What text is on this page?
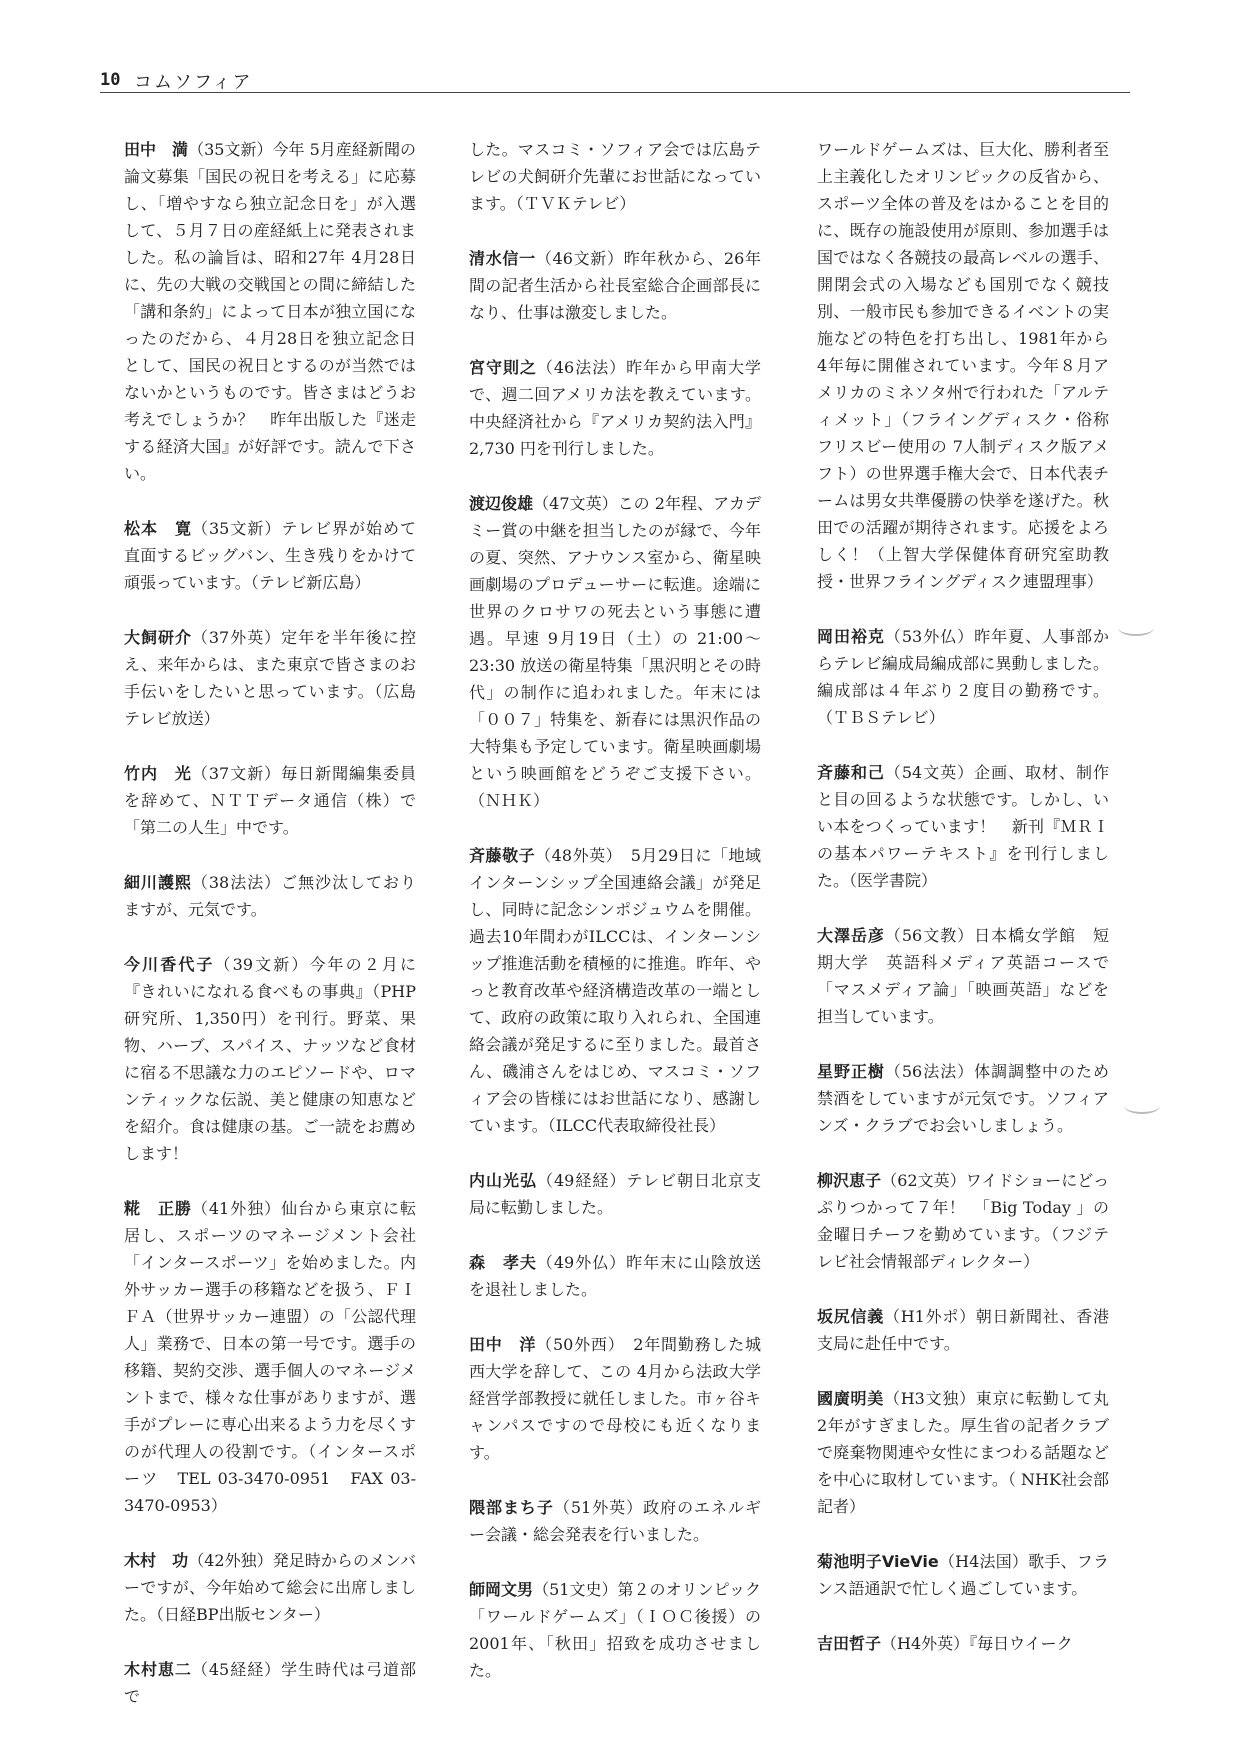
10 コムソフィア

田中　満（35文新）今年 5月産経新聞の論文募集「国民の祝日を考える」に応募し、「増やすなら独立記念日を」が入選して、５月７日の産経紙上に発表されました。私の論旨は、昭和27年 4月28日に、先の大戦の交戦国との間に締結した「講和条約」によって日本が独立国になったのだから、４月28日を独立記念日として、国民の祝日とするのが当然ではないかというものです。皆さまはどうお考えでしょうか？　昨年出版した『迷走する経済大国』が好評です。読んで下さい。

松本　寛（35文新）テレビ界が始めて直面するビッグバン、生き残りをかけて頑張っています。（テレビ新広島）

大飼研介（37外英）定年を半年後に控え、来年からは、また東京で皆さまのお手伝いをしたいと思っています。（広島テレビ放送）

竹内　光（37文新）毎日新聞編集委員を辞めて、ＮＴＴデータ通信（株）で「第二の人生」中です。

細川護熙（38法法）ご無沙汰しておりますが、元気です。

今川香代子（39文新）今年の２月に『きれいになれる食べもの事典』（PHP研究所、1,350円）を刊行。野菜、果物、ハーブ、スパイス、ナッツなど食材に宿る不思議な力のエピソードや、ロマンティックな伝説、美と健康の知恵などを紹介。食は健康の基。ご一読をお薦めします！

糀　正勝（41外独）仙台から東京に転居し、スポーツのマネージメント会社「インタースポーツ」を始めました。内外サッカー選手の移籍などを扱う、ＦＩＦＡ（世界サッカー連盟）の「公認代理人」業務で、日本の第一号です。選手の移籍、契約交渉、選手個人のマネージメントまで、様々な仕事がありますが、選手がプレーに専心出来るよう力を尽くすのが代理人の役割です。（インタースポーツ　TEL 03-3470-0951　FAX 03-3470-0953）

木村　功（42外独）発足時からのメンバーですが、今年始めて総会に出席しました。（日経BP出版センター）

木村恵二（45経経）学生時代は弓道部で

した。マスコミ・ソフィア会では広島テレビの犬飼研介先輩にお世話になっています。（ＴＶＫテレビ）

清水信一（46文新）昨年秋から、26年間の記者生活から社長室総合企画部長になり、仕事は激変しました。

宮守則之（46法法）昨年から甲南大学で、週二回アメリカ法を教えています。中央経済社から『アメリカ契約法入門』2,730 円を刊行しました。

渡辺俊雄（47文英）この 2年程、アカデミー賞の中継を担当したのが縁で、今年の夏、突然、アナウンス室から、衛星映画劇場のプロデューサーに転進。途端に世界のクロサワの死去という事態に遭遇。早速 9月19日（土）の 21:00～23:30 放送の衛星特集「黒沢明とその時代」の制作に追われました。年末には「００７」特集を、新春には黒沢作品の大特集も予定しています。衛星映画劇場という映画館をどうぞご支援下さい。（ＮＨＫ）

斉藤敬子（48外英）　5月29日に「地域インターンシップ全国連絡会議」が発足し、同時に記念シンポジュウムを開催。過去10年間わがILCCは、インターンシップ推進活動を積極的に推進。昨年、やっと教育改革や経済構造改革の一端として、政府の政策に取り入れられ、全国連絡会議が発足するに至りました。最首さん、磯浦さんをはじめ、マスコミ・ソフィア会の皆様にはお世話になり、感謝しています。（ILCC代表取締役社長）

内山光弘（49経経）テレビ朝日北京支局に転勤しました。

森　孝夫（49外仏）昨年末に山陰放送を退社しました。

田中　洋（50外西）　2年間勤務した城西大学を辞して、この 4月から法政大学経営学部教授に就任しました。市ヶ谷キャンパスですので母校にも近くなります。

隈部まち子（51外英）政府のエネルギー会議・総会発表を行いました。

師岡文男（51文史）第２のオリンピック「ワールドゲームズ」（ＩＯＣ後援）の2001年、「秋田」招致を成功させました。

ワールドゲームズは、巨大化、勝利者至上主義化したオリンピックの反省から、スポーツ全体の普及をはかることを目的に、既存の施設使用が原則、参加選手は国ではなく各競技の最高レベルの選手、開閉会式の入場なども国別でなく競技別、一般市民も参加できるイベントの実施などの特色を打ち出し、1981年から 4年毎に開催されています。今年８月アメリカのミネソタ州で行われた「アルティメット」（フライングディスク・俗称フリスビー使用の 7人制ディスク版アメフト）の世界選手権大会で、日本代表チームは男女共準優勝の快挙を遂げた。秋田での活躍が期待されます。応援をよろしく！（上智大学保健体育研究室助教授・世界フライングディスク連盟理事）

岡田裕克（53外仏）昨年夏、人事部からテレビ編成局編成部に異動しました。編成部は４年ぶり２度目の勤務です。（ＴＢＳテレビ）

斉藤和己（54文英）企画、取材、制作と目の回るような状態です。しかし、いい本をつくっています！　新刊『ＭＲＩの基本パワーテキスト』を刊行しました。（医学書院）

大澤岳彦（56文教）日本橋女学館　短期大学　英語科メディア英語コースで「マスメディア論」「映画英語」などを担当しています。

星野正樹（56法法）体調調整中のため禁酒をしていますが元気です。ソフィアンズ・クラブでお会いしましょう。

柳沢恵子（62文英）ワイドショーにどっぷりつかって７年！　「Big Today 」の金曜日チーフを勤めています。（フジテレビ社会情報部ディレクター）

坂尻信義（H1外ポ）朝日新聞社、香港支局に赴任中です。

國廣明美（H3文独）東京に転勤して丸 2年がすぎました。厚生省の記者クラブで廃棄物関連や女性にまつわる話題などを中心に取材しています。（ NHK社会部記者）

菊池明子VieVie（H4法国）歌手、フランス語通訳で忙しく過ごしています。

吉田哲子（H4外英）『毎日ウイーク
